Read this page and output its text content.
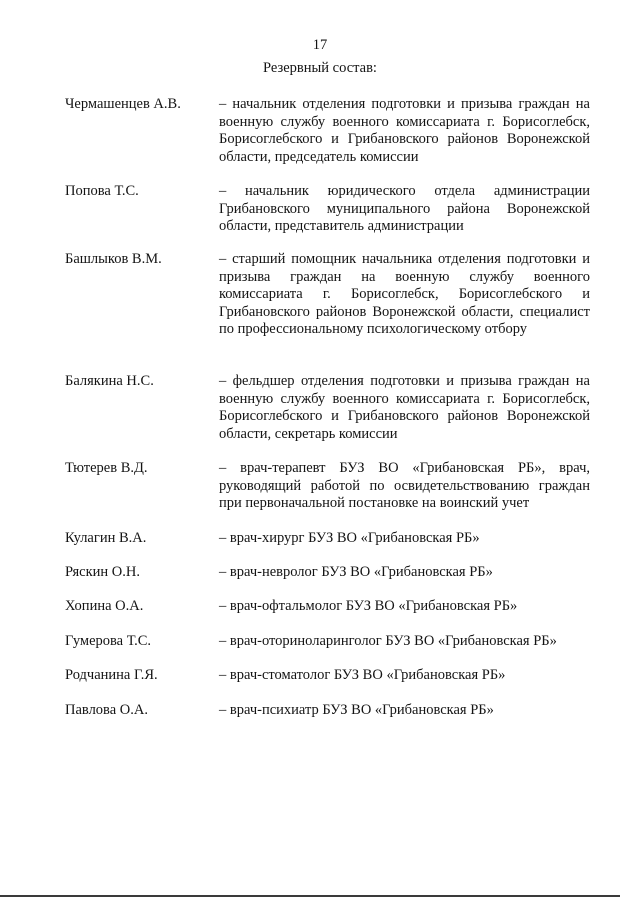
17
Резервный состав:
Чермашенцев А.В.	– начальник отделения подготовки и призыва граждан на военную службу военного комиссариата г. Борисоглебск, Борисоглебского и Грибановского районов Воронежской области, председатель комиссии
Попова Т.С.	– начальник юридического отдела администрации Грибановского муниципального района Воронежской области, представитель администрации
Башлыков В.М.	– старший помощник начальника отделения подготовки и призыва граждан на военную службу военного комиссариата г. Борисоглебск, Борисоглебского и Грибановского районов Воронежской области, специалист по профессиональному психологическому отбору
Балякина Н.С.	– фельдшер отделения подготовки и призыва граждан на военную службу военного комиссариата г. Борисоглебск, Борисоглебского и Грибановского районов Воронежской области, секретарь комиссии
Тютерев В.Д.	– врач-терапевт БУЗ ВО «Грибановская РБ», врач, руководящий работой по освидетельствованию граждан при первоначальной постановке на воинский учет
Кулагин В.А.	– врач-хирург БУЗ ВО «Грибановская РБ»
Ряскин О.Н.	– врач-невролог БУЗ ВО «Грибановская РБ»
Хопина О.А.	– врач-офтальмолог БУЗ ВО «Грибановская РБ»
Гумерова Т.С.	– врач-оториноларинголог БУЗ ВО «Грибановская РБ»
Родчанина Г.Я.	– врач-стоматолог БУЗ ВО «Грибановская РБ»
Павлова О.А.	– врач-психиатр БУЗ ВО «Грибановская РБ»
